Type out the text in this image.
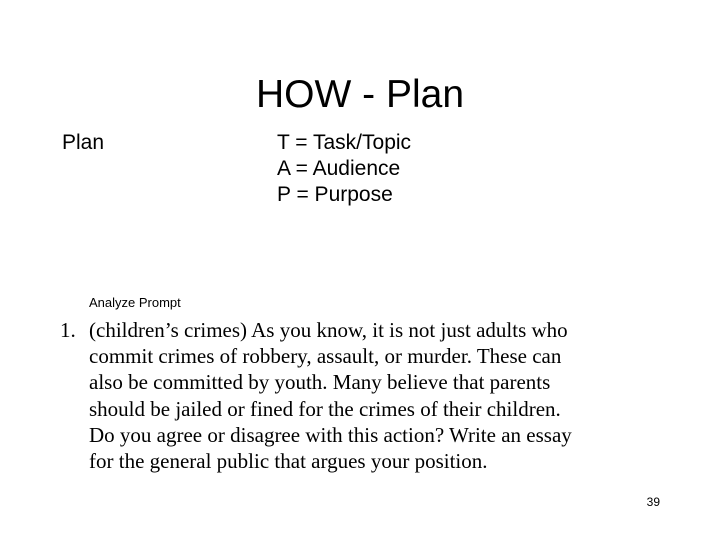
HOW - Plan
Plan	T = Task/Topic
A = Audience
P = Purpose
Analyze Prompt
1. (children’s crimes) As you know, it is not just adults who
commit crimes of robbery, assault, or murder. These can
also be committed by youth. Many believe that parents
should be jailed or fined for the crimes of their children.
Do you agree or disagree with this action? Write an essay
for the general public that argues your position.
39
